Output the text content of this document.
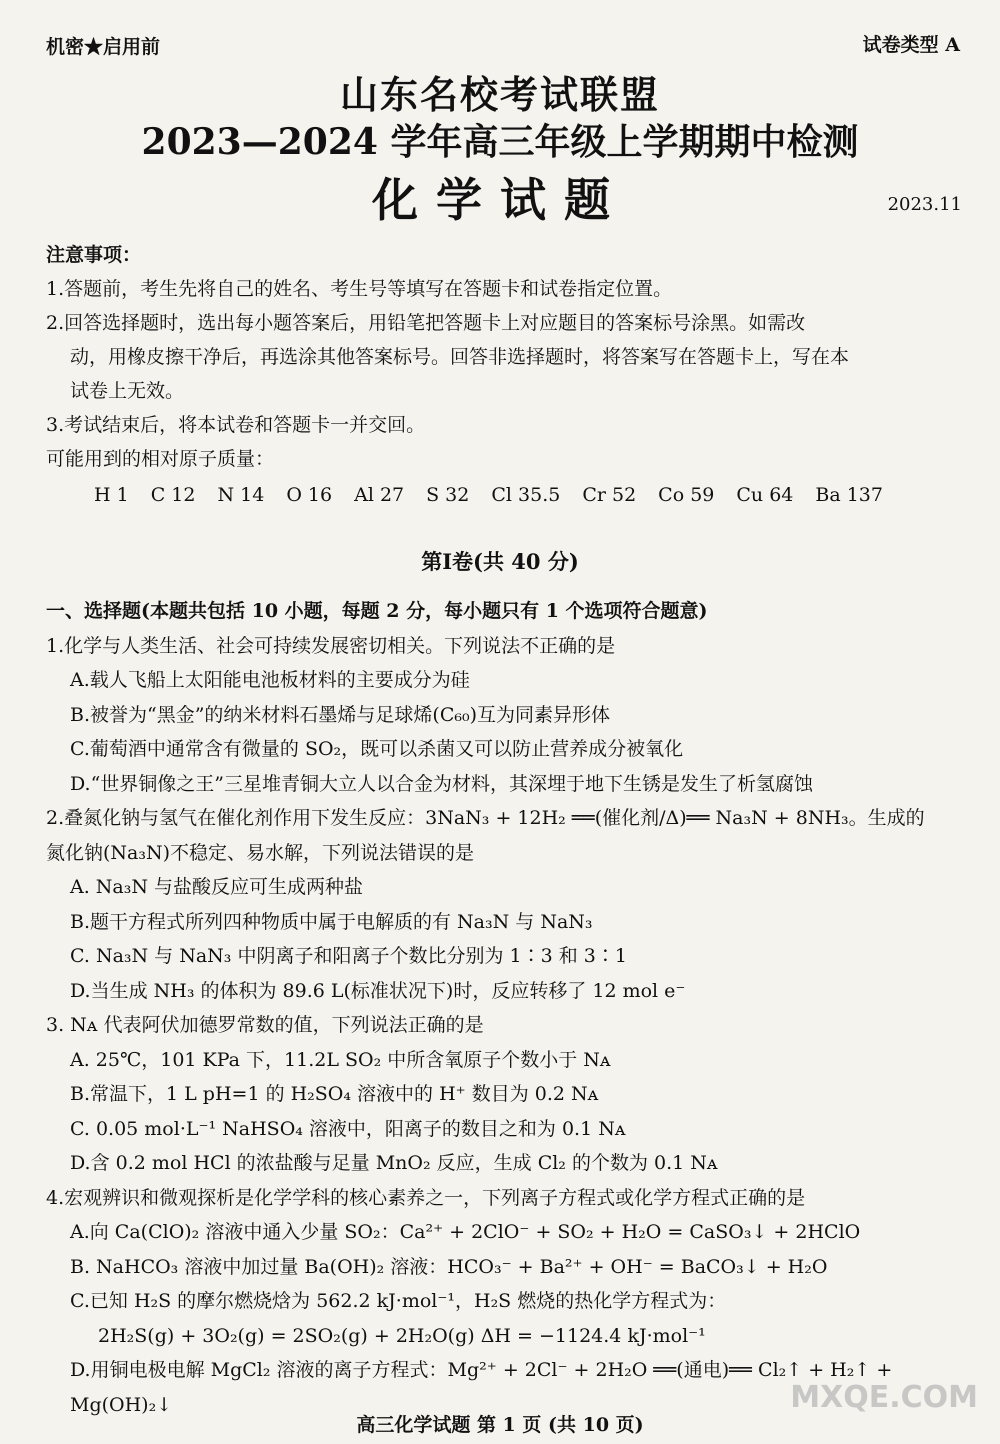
机密★启用前	试卷类型 A
山东名校考试联盟
2023—2024 学年高三年级上学期期中检测
化学试题	2023.11
注意事项：
1.答题前，考生先将自己的姓名、考生号等填写在答题卡和试卷指定位置。
2.回答选择题时，选出每小题答案后，用铅笔把答题卡上对应题目的答案标号涂黑。如需改
动，用橡皮擦干净后，再选涂其他答案标号。回答非选择题时，将答案写在答题卡上，写在本
试卷上无效。
3.考试结束后，将本试卷和答题卡一并交回。
可能用到的相对原子质量：
H 1 C 12 N 14 O 16 Al 27 S 32 Cl 35.5 Cr 52 Co 59 Cu 64 Ba 137
第Ⅰ卷(共 40 分)
一、选择题(本题共包括 10 小题，每题 2 分，每小题只有 1 个选项符合题意)
1.化学与人类生活、社会可持续发展密切相关。下列说法不正确的是
A.载人飞船上太阳能电池板材料的主要成分为硅
B.被誉为“黑金”的纳米材料石墨烯与足球烯(C₆₀)互为同素异形体
C.葡萄酒中通常含有微量的 SO₂，既可以杀菌又可以防止营养成分被氧化
D.“世界铜像之王”三星堆青铜大立人以合金为材料，其深埋于地下生锈是发生了析氢腐蚀
2.叠氮化钠与氢气在催化剂作用下发生反应：3NaN₃ + 12H₂ ══(催化剂/Δ)══ Na₃N + 8NH₃。生成的
氮化钠(Na₃N)不稳定、易水解，下列说法错误的是
A. Na₃N 与盐酸反应可生成两种盐
B.题干方程式所列四种物质中属于电解质的有 Na₃N 与 NaN₃
C. Na₃N 与 NaN₃ 中阴离子和阳离子个数比分别为 1∶3 和 3∶1
D.当生成 NH₃ 的体积为 89.6 L(标准状况下)时，反应转移了 12 mol e⁻
3. Nᴀ 代表阿伏加德罗常数的值，下列说法正确的是
A. 25℃，101 KPa 下，11.2L SO₂ 中所含氧原子个数小于 Nᴀ
B.常温下，1 L pH=1 的 H₂SO₄ 溶液中的 H⁺ 数目为 0.2 Nᴀ
C. 0.05 mol·L⁻¹ NaHSO₄ 溶液中，阳离子的数目之和为 0.1 Nᴀ
D.含 0.2 mol HCl 的浓盐酸与足量 MnO₂ 反应，生成 Cl₂ 的个数为 0.1 Nᴀ
4.宏观辨识和微观探析是化学学科的核心素养之一，下列离子方程式或化学方程式正确的是
A.向 Ca(ClO)₂ 溶液中通入少量 SO₂：Ca²⁺ + 2ClO⁻ + SO₂ + H₂O = CaSO₃↓ + 2HClO
B. NaHCO₃ 溶液中加过量 Ba(OH)₂ 溶液：HCO₃⁻ + Ba²⁺ + OH⁻ = BaCO₃↓ + H₂O
C.已知 H₂S 的摩尔燃烧焓为 562.2 kJ·mol⁻¹，H₂S 燃烧的热化学方程式为：
2H₂S(g) + 3O₂(g) = 2SO₂(g) + 2H₂O(g) ΔH = −1124.4 kJ·mol⁻¹
D.用铜电极电解 MgCl₂ 溶液的离子方程式：Mg²⁺ + 2Cl⁻ + 2H₂O ══(通电)══ Cl₂↑ + H₂↑ + Mg(OH)₂↓
高三化学试题 第 1 页 (共 10 页)
MXQE.COM
